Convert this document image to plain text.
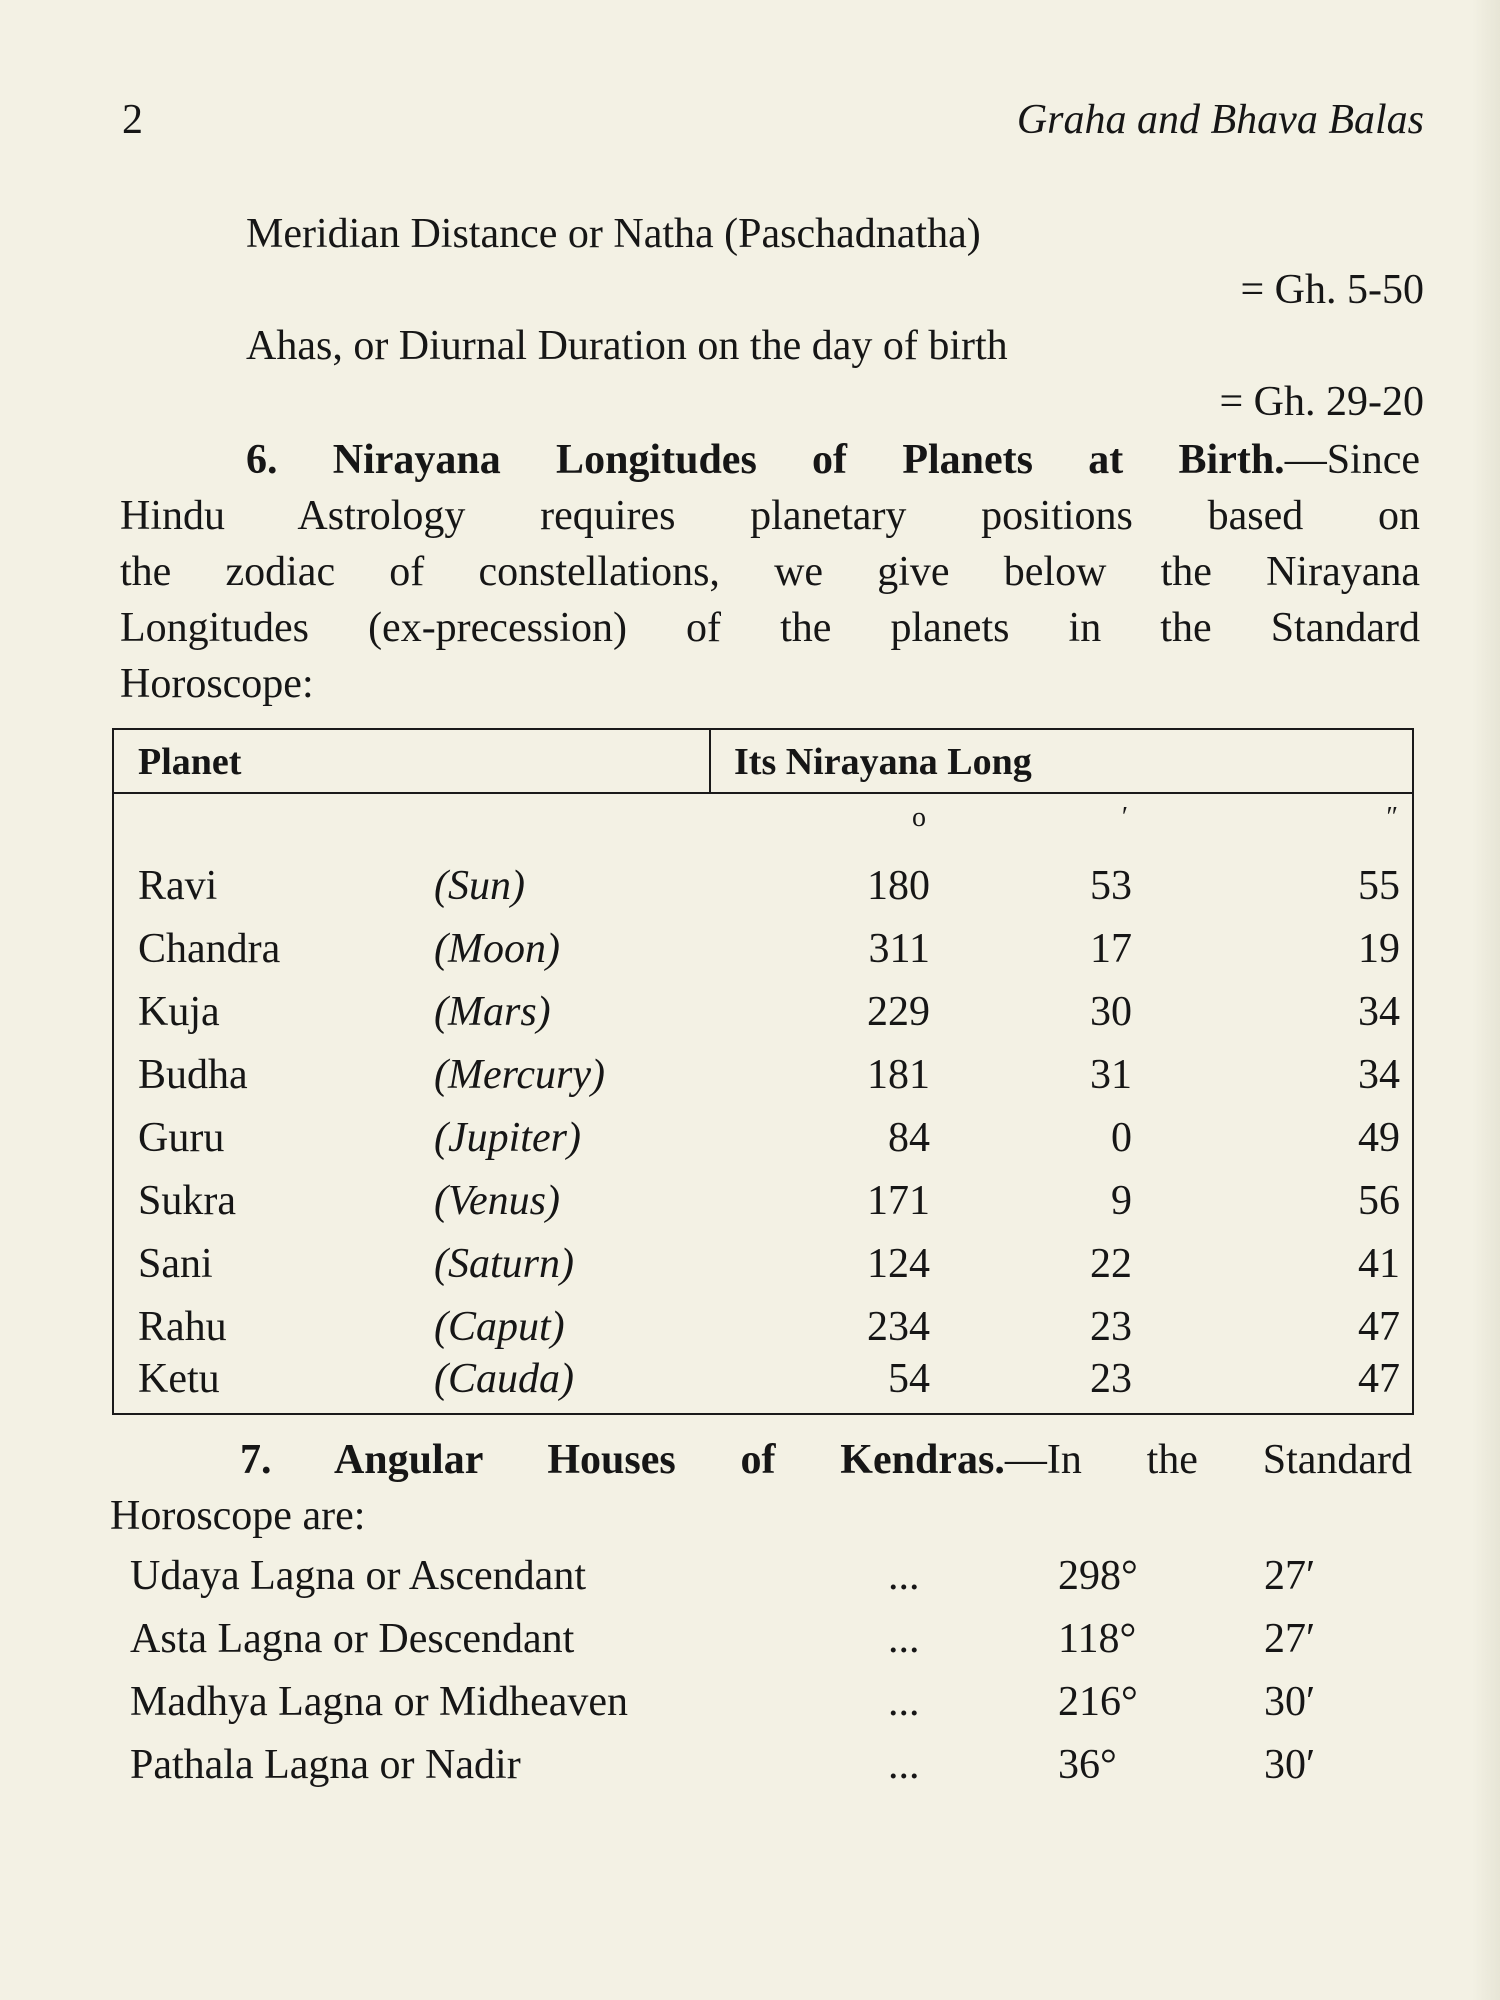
2	Graha and Bhava Balas
Meridian Distance or Natha (Paschadnatha)
= Gh. 5-50
Ahas, or Diurnal Duration on the day of birth
= Gh. 29-20
6. Nirayana Longitudes of Planets at Birth.—Since
Hindu Astrology requires planetary positions based on
the zodiac of constellations, we give below the Nirayana
Longitudes (ex-precession) of the planets in the Standard
Horoscope:
Planet	Its Nirayana Long
o	′	″
Ravi	(Sun)	180	53	55
Chandra	(Moon)	311	17	19
Kuja	(Mars)	229	30	34
Budha	(Mercury)	181	31	34
Guru	(Jupiter)	84	0	49
Sukra	(Venus)	171	9	56
Sani	(Saturn)	124	22	41
Rahu	(Caput)	234	23	47
Ketu	(Cauda)	54	23	47
7. Angular Houses of Kendras.—In the Standard
Horoscope are:
Udaya Lagna or Ascendant	...	298°	27′
Asta Lagna or Descendant	...	118°	27′
Madhya Lagna or Midheaven	...	216°	30′
Pathala Lagna or Nadir	...	36°	30′
